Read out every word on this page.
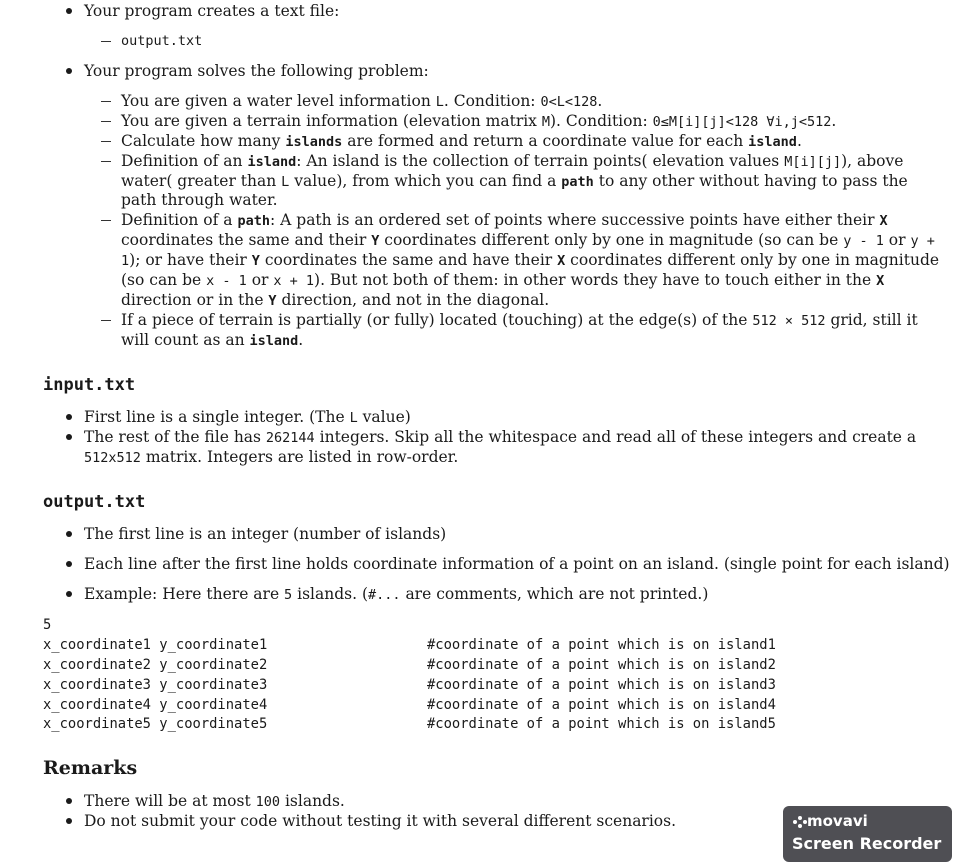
Your program creates a text file:
output.txt
Your program solves the following problem:
You are given a water level information L. Condition: 0<L<128.
You are given a terrain information (elevation matrix M). Condition: 0≤M[i][j]<128 ∀i,j<512.
Calculate how many islands are formed and return a coordinate value for each island.
Definition of an island: An island is the collection of terrain points( elevation values M[i][j]), above
water( greater than L value), from which you can find a path to any other without having to pass the
path through water.
Definition of a path: A path is an ordered set of points where successive points have either their X
coordinates the same and their Y coordinates different only by one in magnitude (so can be y - 1 or y +
1); or have their Y coordinates the same and have their X coordinates different only by one in magnitude
(so can be x - 1 or x + 1). But not both of them: in other words they have to touch either in the X
direction or in the Y direction, and not in the diagonal.
If a piece of terrain is partially (or fully) located (touching) at the edge(s) of the 512 × 512 grid, still it
will count as an island.
input.txt
First line is a single integer. (The L value)
The rest of the file has 262144 integers. Skip all the whitespace and read all of these integers and create a
512x512 matrix. Integers are listed in row-order.
output.txt
The first line is an integer (number of islands)
Each line after the first line holds coordinate information of a point on an island. (single point for each island)
Example: Here there are 5 islands. (#... are comments, which are not printed.)
5
x_coordinate1 y_coordinate1	#coordinate of a point which is on island1
x_coordinate2 y_coordinate2	#coordinate of a point which is on island2
x_coordinate3 y_coordinate3	#coordinate of a point which is on island3
x_coordinate4 y_coordinate4	#coordinate of a point which is on island4
x_coordinate5 y_coordinate5	#coordinate of a point which is on island5
Remarks
There will be at most 100 islands.
Do not submit your code without testing it with several different scenarios.	movavi
Screen Recorder
